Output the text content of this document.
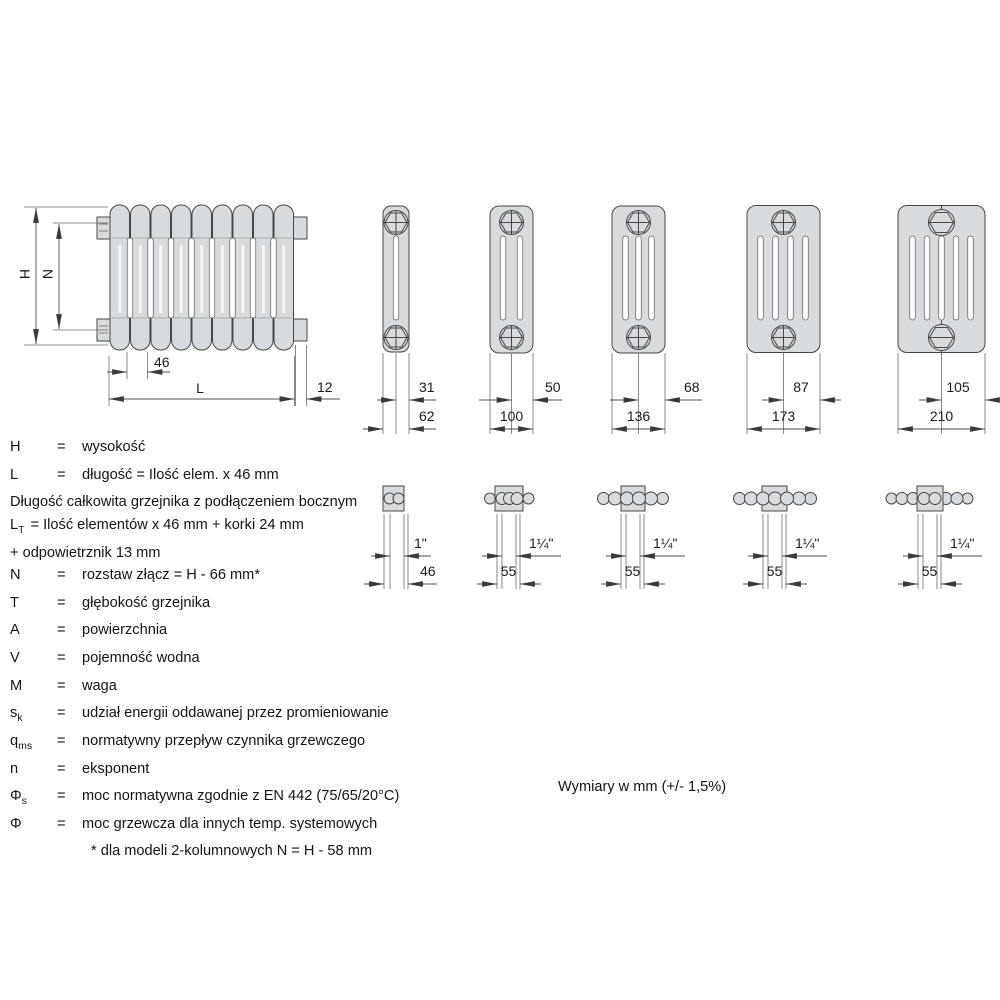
H N
46
L	12	31
62
50
100
68
136
87
173
105
210
1"
46
1¼"
55
1¼"
55
1¼"
55
1¼"
55
H	=	wysokość
L	=	długość = Ilość elem. x 46 mm
Długość całkowita grzejnika z podłączeniem bocznym
$L_T$ = Ilość elementów x 46 mm + korki 24 mm
+ odpowietrznik 13 mm
N	=	rozstaw złącz = H - 66 mm*
T	=	głębokość grzejnika
A	=	powierzchnia
V	=	pojemność wodna
M	=	waga
$s_k$	=	udział energii oddawanej przez promieniowanie
$q_{ms}$	=	normatywny przepływ czynnika grzewczego
n	=	eksponent
$\Phi_s$	=	moc normatywna zgodnie z EN 442 (75/65/20°C)
Φ	=	moc grzewcza dla innych temp. systemowych
* dla modeli 2-kolumnowych N = H - 58 mm
Wymiary w mm (+/- 1,5%)
